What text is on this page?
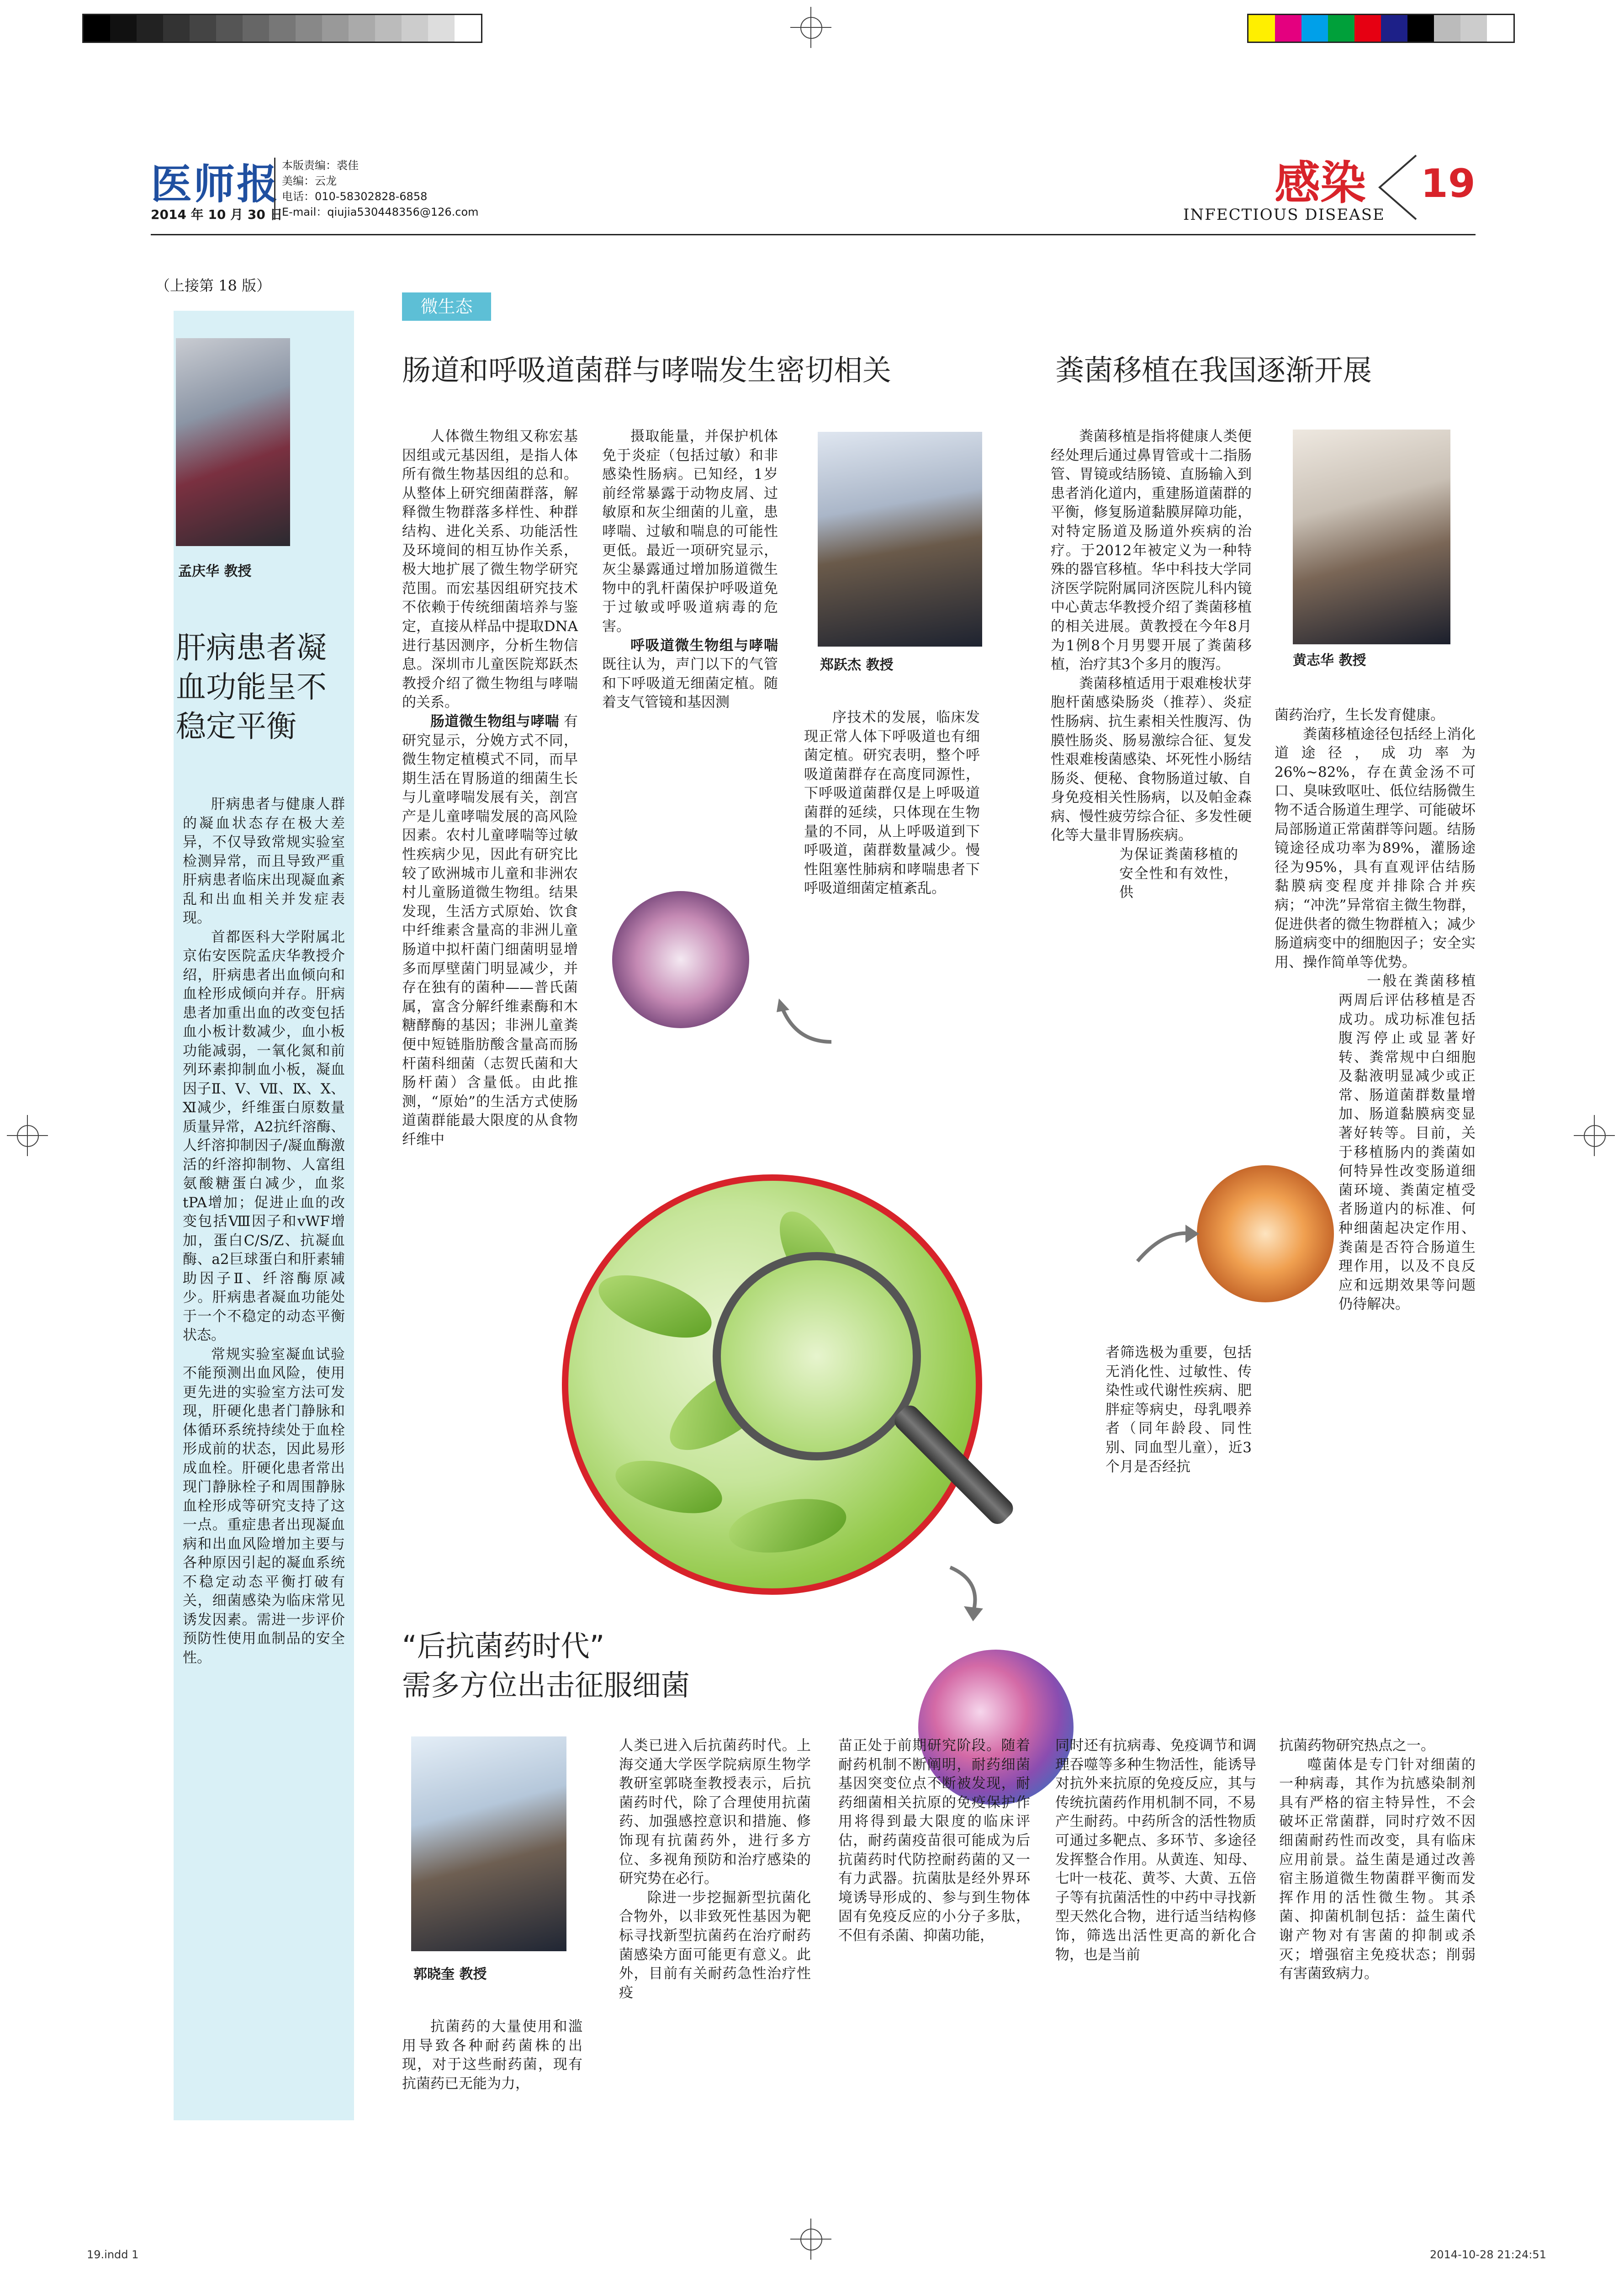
医师报
2014 年 10 月 30 日
本版责编：裘佳
美编：云龙
电话：010-58302828-6858
E-mail：qiujia530448356@126.com
感染
INFECTIOUS DISEASE
19
（上接第 18 版）
孟庆华 教授
肝病患者凝血功能呈不稳定平衡

肝病患者与健康人群的凝血状态存在极大差异，不仅导致常规实验室检测异常，而且导致严重肝病患者临床出现凝血紊乱和出血相关并发症表现。

首都医科大学附属北京佑安医院孟庆华教授介绍，肝病患者出血倾向和血栓形成倾向并存。肝病患者加重出血的改变包括血小板计数减少，血小板功能减弱，一氧化氮和前列环素抑制血小板，凝血因子Ⅱ、Ⅴ、Ⅶ、Ⅸ、Ⅹ、Ⅺ减少，纤维蛋白原数量质量异常，A2抗纤溶酶、人纤溶抑制因子/凝血酶激活的纤溶抑制物、人富组氨酸糖蛋白减少，血浆tPA增加；促进止血的改变包括Ⅷ因子和vWF增加，蛋白C/S/Z、抗凝血酶、a2巨球蛋白和肝素辅助因子Ⅱ、纤溶酶原减少。肝病患者凝血功能处于一个不稳定的动态平衡状态。

常规实验室凝血试验不能预测出血风险，使用更先进的实验室方法可发现，肝硬化患者门静脉和体循环系统持续处于血栓形成前的状态，因此易形成血栓。肝硬化患者常出现门静脉栓子和周围静脉血栓形成等研究支持了这一点。重症患者出现凝血病和出血风险增加主要与各种原因引起的凝血系统不稳定动态平衡打破有关，细菌感染为临床常见诱发因素。需进一步评价预防性使用血制品的安全性。

微生态
肠道和呼吸道菌群与哮喘发生密切相关

人体微生物组又称宏基因组或元基因组，是指人体所有微生物基因组的总和。从整体上研究细菌群落，解释微生物群落多样性、种群结构、进化关系、功能活性及环境间的相互协作关系，极大地扩展了微生物学研究范围。而宏基因组研究技术不依赖于传统细菌培养与鉴定，直接从样品中提取DNA进行基因测序，分析生物信息。深圳市儿童医院郑跃杰教授介绍了微生物组与哮喘的关系。

肠道微生物组与哮喘 有研究显示，分娩方式不同，微生物定植模式不同，而早期生活在胃肠道的细菌生长与儿童哮喘发展有关，剖宫产是儿童哮喘发展的高风险因素。农村儿童哮喘等过敏性疾病少见，因此有研究比较了欧洲城市儿童和非洲农村儿童肠道微生物组。结果发现，生活方式原始、饮食中纤维素含量高的非洲儿童肠道中拟杆菌门细菌明显增多而厚壁菌门明显减少，并存在独有的菌种——普氏菌属，富含分解纤维素酶和木糖酵酶的基因；非洲儿童粪便中短链脂肪酸含量高而肠杆菌科细菌（志贺氏菌和大肠杆菌）含量低。由此推测，“原始”的生活方式使肠道菌群能最大限度的从食物纤维中

摄取能量，并保护机体免于炎症（包括过敏）和非感染性肠病。已知经，1岁前经常暴露于动物皮屑、过敏原和灰尘细菌的儿童，患哮喘、过敏和喘息的可能性更低。最近一项研究显示，灰尘暴露通过增加肠道微生物中的乳杆菌保护呼吸道免于过敏或呼吸道病毒的危害。

呼吸道微生物组与哮喘 既往认为，声门以下的气管和下呼吸道无细菌定植。随着支气管镜和基因测

郑跃杰 教授

序技术的发展，临床发现正常人体下呼吸道也有细菌定植。研究表明，整个呼吸道菌群存在高度同源性，下呼吸道菌群仅是上呼吸道菌群的延续，只体现在生物量的不同，从上呼吸道到下呼吸道，菌群数量减少。慢性阻塞性肺病和哮喘患者下呼吸道细菌定植紊乱。

粪菌移植在我国逐渐开展

粪菌移植是指将健康人类便经处理后通过鼻胃管或十二指肠管、胃镜或结肠镜、直肠输入到患者消化道内，重建肠道菌群的平衡，修复肠道黏膜屏障功能，对特定肠道及肠道外疾病的治疗。于2012年被定义为一种特殊的器官移植。华中科技大学同济医学院附属同济医院儿科内镜中心黄志华教授介绍了粪菌移植的相关进展。黄教授在今年8月为1例8个月男婴开展了粪菌移植，治疗其3个多月的腹泻。

粪菌移植适用于艰难梭状芽胞杆菌感染肠炎（推荐）、炎症性肠病、抗生素相关性腹泻、伪膜性肠炎、肠易激综合征、复发性艰难梭菌感染、坏死性小肠结肠炎、便秘、食物肠道过敏、自身免疫相关性肠病，以及帕金森病、慢性疲劳综合征、多发性硬化等大量非胃肠疾病。

为保证粪菌移植的安全性和有效性，供

者筛选极为重要，包括无消化性、过敏性、传染性或代谢性疾病、肥胖症等病史，母乳喂养者（同年龄段、同性别、同血型儿童），近3个月是否经抗

黄志华 教授

菌药治疗，生长发育健康。

粪菌移植途径包括经上消化道途径，成功率为26%~82%，存在黄金汤不可口、臭味致呕吐、低位结肠微生物不适合肠道生理学、可能破坏局部肠道正常菌群等问题。结肠镜途径成功率为89%，灌肠途径为95%，具有直观评估结肠黏膜病变程度并排除合并疾病；“冲洗”异常宿主微生物群，促进供者的微生物群植入；减少肠道病变中的细胞因子；安全实用、操作简单等优势。

一般在粪菌移植两周后评估移植是否成功。成功标准包括腹泻停止或显著好转、粪常规中白细胞及黏液明显减少或正常、肠道菌群数量增加、肠道黏膜病变显著好转等。目前，关于移植肠内的粪菌如何特异性改变肠道细菌环境、粪菌定植受者肠道内的标准、何种细菌起决定作用、粪菌是否符合肠道生理作用，以及不良反应和远期效果等问题仍待解决。

“后抗菌药时代”
需多方位出击征服细菌
郭晓奎 教授

抗菌药的大量使用和滥用导致各种耐药菌株的出现，对于这些耐药菌，现有抗菌药已无能为力，

人类已进入后抗菌药时代。上海交通大学医学院病原生物学教研室郭晓奎教授表示，后抗菌药时代，除了合理使用抗菌药、加强感控意识和措施、修饰现有抗菌药外，进行多方位、多视角预防和治疗感染的研究势在必行。

除进一步挖掘新型抗菌化合物外，以非致死性基因为靶标寻找新型抗菌药在治疗耐药菌感染方面可能更有意义。此外，目前有关耐药急性治疗性疫

苗正处于前期研究阶段。随着耐药机制不断阐明，耐药细菌基因突变位点不断被发现，耐药细菌相关抗原的免疫保护作用将得到最大限度的临床评估，耐药菌疫苗很可能成为后抗菌药时代防控耐药菌的又一有力武器。抗菌肽是经外界环境诱导形成的、参与到生物体固有免疫反应的小分子多肽，不但有杀菌、抑菌功能，

同时还有抗病毒、免疫调节和调理吞噬等多种生物活性，能诱导对抗外来抗原的免疫反应，其与传统抗菌药作用机制不同，不易产生耐药。中药所含的活性物质可通过多靶点、多环节、多途径发挥整合作用。从黄连、知母、七叶一枝花、黄芩、大黄、五倍子等有抗菌活性的中药中寻找新型天然化合物，进行适当结构修饰，筛选出活性更高的新化合物，也是当前

抗菌药物研究热点之一。

噬菌体是专门针对细菌的一种病毒，其作为抗感染制剂具有严格的宿主特异性，不会破坏正常菌群，同时疗效不因细菌耐药性而改变，具有临床应用前景。益生菌是通过改善宿主肠道微生物菌群平衡而发挥作用的活性微生物。其杀菌、抑菌机制包括：益生菌代谢产物对有害菌的抑制或杀灭；增强宿主免疫状态；削弱有害菌致病力。

19.indd 1	2014-10-28 21:24:51
